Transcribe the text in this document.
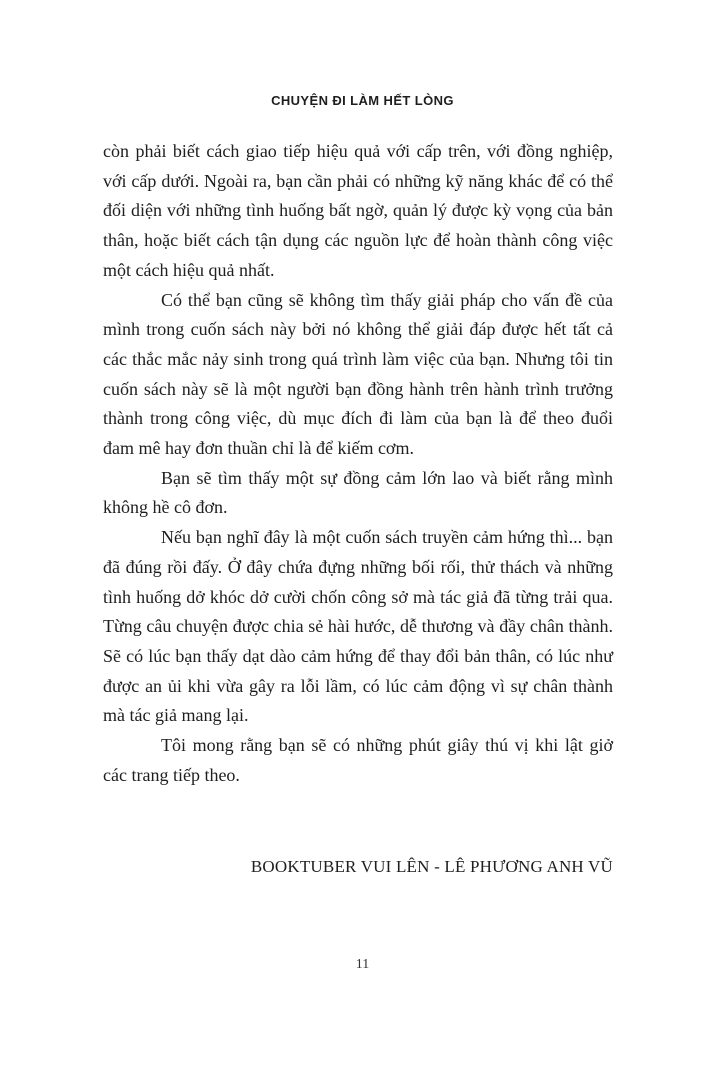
CHUYỆN ĐI LÀM HẾT LÒNG

còn phải biết cách giao tiếp hiệu quả với cấp trên, với đồng nghiệp, với cấp dưới. Ngoài ra, bạn cần phải có những kỹ năng khác để có thể đối diện với những tình huống bất ngờ, quản lý được kỳ vọng của bản thân, hoặc biết cách tận dụng các nguồn lực để hoàn thành công việc một cách hiệu quả nhất.

Có thể bạn cũng sẽ không tìm thấy giải pháp cho vấn đề của mình trong cuốn sách này bởi nó không thể giải đáp được hết tất cả các thắc mắc nảy sinh trong quá trình làm việc của bạn. Nhưng tôi tin cuốn sách này sẽ là một người bạn đồng hành trên hành trình trưởng thành trong công việc, dù mục đích đi làm của bạn là để theo đuổi đam mê hay đơn thuần chỉ là để kiếm cơm.

Bạn sẽ tìm thấy một sự đồng cảm lớn lao và biết rằng mình không hề cô đơn.

Nếu bạn nghĩ đây là một cuốn sách truyền cảm hứng thì... bạn đã đúng rồi đấy. Ở đây chứa đựng những bối rối, thử thách và những tình huống dở khóc dở cười chốn công sở mà tác giả đã từng trải qua. Từng câu chuyện được chia sẻ hài hước, dễ thương và đầy chân thành. Sẽ có lúc bạn thấy dạt dào cảm hứng để thay đổi bản thân, có lúc như được an ủi khi vừa gây ra lỗi lầm, có lúc cảm động vì sự chân thành mà tác giả mang lại.

Tôi mong rằng bạn sẽ có những phút giây thú vị khi lật giở các trang tiếp theo.

BOOKTUBER VUI LÊN - LÊ PHƯƠNG ANH VŨ
11
